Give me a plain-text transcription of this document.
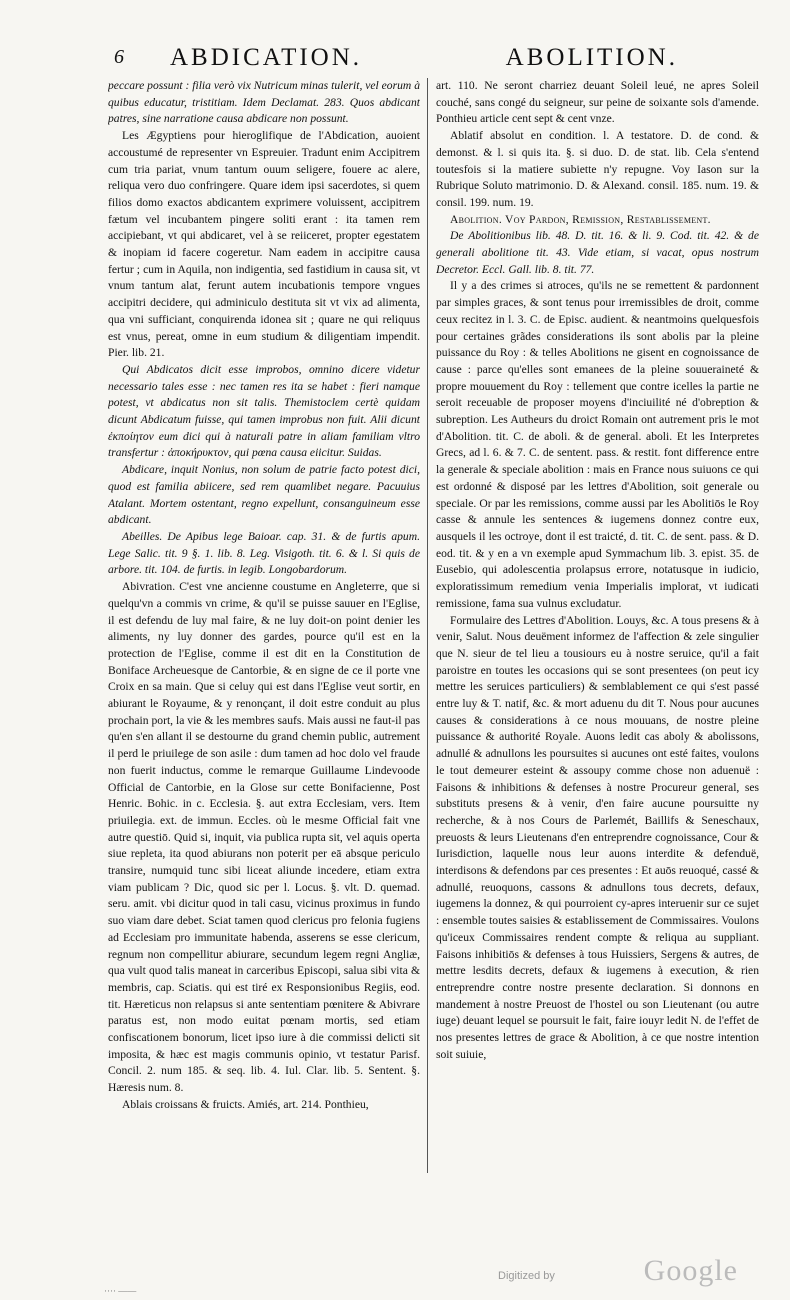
6 ABDICATION.	ABOLITION.

peccare possunt : filia verò vix Nutricum minas tulerit, vel eorum à quibus educatur, tristitiam. Idem Declamat. 283. Quos abdicant patres, sine narratione causa abdicare non possunt.

Les Ægyptiens pour hieroglifique de l'Abdication, auoient accoustumé de representer vn Espreuier. Tradunt enim Accipitrem cum tria pariat, vnum tantum ouum seligere, fouere ac alere, reliqua vero duo confringere. Quare idem ipsi sacerdotes, si quem filios domo exactos abdicantem exprimere voluissent, accipitrem fætum vel incubantem pingere soliti erant : ita tamen rem accipiebant, vt qui abdicaret, vel à se reiiceret, propter egestatem & inopiam id facere cogeretur. Nam eadem in accipitre causa fertur ; cum in Aquila, non indigentia, sed fastidium in causa sit, vt vnum tantum alat, ferunt autem incubationis tempore vngues accipitri decidere, qui adminiculo destituta sit vt vix ad alimenta, qua vni sufficiant, conquirenda idonea sit ; quare ne qui reliquus est vnus, pereat, omne in eum studium & diligentiam impendit. Pier. lib. 21.

Qui Abdicatos dicit esse improbos, omnino dicere videtur necessario tales esse : nec tamen res ita se habet : fieri namque potest, vt abdicatus non sit talis. Themistoclem certè quidam dicunt Abdicatum fuisse, qui tamen improbus non fuit. Alii dicunt ἐκποίητον eum dici qui à naturali patre in aliam familiam vltro transfertur : ἀποκήρυκτον, qui pœna causa eiicitur. Suidas.

Abdicare, inquit Nonius, non solum de patrie facto potest dici, quod est familia abiicere, sed rem quamlibet negare. Pacuuius Atalant. Mortem ostentant, regno expellunt, consanguineum esse abdicant.

Abeilles. De Apibus lege Baioar. cap. 31. & de furtis apum. Lege Salic. tit. 9 §. 1. lib. 8. Leg. Visigoth. tit. 6. & l. Si quis de arbore. tit. 104. de furtis. in legib. Longobardorum.

Abivration. C'est vne ancienne coustume en Angleterre, que si quelqu'vn a commis vn crime, & qu'il se puisse sauuer en l'Eglise, il est defendu de luy mal faire, & ne luy doit-on point denier les aliments, ny luy donner des gardes, pource qu'il est en la protection de l'Eglise, comme il est dit en la Constitution de Boniface Archeuesque de Cantorbie, & en signe de ce il porte vne Croix en sa main. Que si celuy qui est dans l'Eglise veut sortir, en abiurant le Royaume, & y renonçant, il doit estre conduit au plus prochain port, la vie & les membres saufs. Mais aussi ne faut-il pas qu'en s'en allant il se destourne du grand chemin public, autrement il perd le priuilege de son asile : dum tamen ad hoc dolo vel fraude non fuerit inductus, comme le remarque Guillaume Lindevoode Official de Cantorbie, en la Glose sur cette Bonifacienne, Post Henric. Bohic. in c. Ecclesia. §. aut extra Ecclesiam, vers. Item priuilegia. ext. de immun. Eccles. où le mesme Official fait vne autre questiō. Quid si, inquit, via publica rupta sit, vel aquis operta siue repleta, ita quod abiurans non poterit per eā absque periculo transire, numquid tunc sibi liceat aliunde incedere, etiam extra viam publicam ? Dic, quod sic per l. Locus. §. vlt. D. quemad. seru. amit. vbi dicitur quod in tali casu, vicinus proximus in fundo suo viam dare debet. Sciat tamen quod clericus pro felonia fugiens ad Ecclesiam pro immunitate habenda, asserens se esse clericum, regnum non compellitur abiurare, secundum legem regni Angliæ, qua vult quod talis maneat in carceribus Episcopi, salua sibi vita & membris, cap. Sciatis. qui est tiré ex Responsionibus Regiis, eod. tit. Hæreticus non relapsus si ante sententiam pœnitere & Abivrare paratus est, non modo euitat pœnam mortis, sed etiam confiscationem bonorum, licet ipso iure à die commissi delicti sit imposita, & hæc est magis communis opinio, vt testatur Parisf. Concil. 2. num 185. & seq. lib. 4. Iul. Clar. lib. 5. Sentent. §. Hæresis num. 8.

Ablais croissans & fruicts. Amiés, art. 214. Ponthieu,

art. 110. Ne seront charriez deuant Soleil leué, ne apres Soleil couché, sans congé du seigneur, sur peine de soixante sols d'amende. Ponthieu article cent sept & cent vnze.

Ablatif absolut en condition. l. A testatore. D. de cond. & demonst. & l. si quis ita. §. si duo. D. de stat. lib. Cela s'entend toutesfois si la matiere subiette n'y repugne. Voy Iason sur la Rubrique Soluto matrimonio. D. & Alexand. consil. 185. num. 19. & consil. 199. num. 19.

Abolition. Voy Pardon, Remission, Restablissement.

De Abolitionibus lib. 48. D. tit. 16. & li. 9. Cod. tit. 42. & de generali abolitione tit. 43. Vide etiam, si vacat, opus nostrum Decretor. Eccl. Gall. lib. 8. tit. 77.

Il y a des crimes si atroces, qu'ils ne se remettent & pardonnent par simples graces, & sont tenus pour irremissibles de droit, comme ceux recitez in l. 3. C. de Episc. audient. & neantmoins quelquesfois pour certaines grãdes considerations ils sont abolis par la pleine puissance du Roy : & telles Abolitions ne gisent en cognoissance de cause : parce qu'elles sont emanees de la pleine souueraineté & propre mouuement du Roy : tellement que contre icelles la partie ne seroit receuable de proposer moyens d'inciuilité né d'obreption & subreption. Les Autheurs du droict Romain ont autrement pris le mot d'Abolition. tit. C. de aboli. & de general. aboli. Et les Interpretes Grecs, ad l. 6. & 7. C. de sentent. pass. & restit. font difference entre la generale & speciale abolition : mais en France nous suiuons ce qui est ordonné & disposé par les lettres d'Abolition, soit generale ou speciale. Or par les remissions, comme aussi par les Abolitiōs le Roy casse & annule les sentences & iugemens donnez contre eux, ausquels il les octroye, dont il est traicté, d. tit. C. de sent. pass. & D. eod. tit. & y en a vn exemple apud Symmachum lib. 3. epist. 35. de Eusebio, qui adolescentia prolapsus errore, notatusque in iudicio, exploratissimum remedium venia Imperialis implorat, vt iudicati remissione, fama sua vulnus excludatur.

Formulaire des Lettres d'Abolition. Louys, &c. A tous presens & à venir, Salut. Nous deuëment informez de l'affection & zele singulier que N. sieur de tel lieu a tousiours eu à nostre seruice, qu'il a fait paroistre en toutes les occasions qui se sont presentees (on peut icy mettre les seruices particuliers) & semblablement ce qui s'est passé entre luy & T. natif, &c. & mort aduenu du dit T. Nous pour aucunes causes & considerations à ce nous mouuans, de nostre pleine puissance & authorité Royale. Auons ledit cas aboly & abolissons, adnullé & adnullons les poursuites si aucunes ont esté faites, voulons le tout demeurer esteint & assoupy comme chose non aduenuë : Faisons & inhibitions & defenses à nostre Procureur general, ses substituts presens & à venir, d'en faire aucune poursuitte ny recherche, & à nos Cours de Parlemét, Baillifs & Seneschaux, preuosts & leurs Lieutenans d'en entreprendre cognoissance, Cour & Iurisdiction, laquelle nous leur auons interdite & defenduë, interdisons & defendons par ces presentes : Et auōs reuoqué, cassé & adnullé, reuoquons, cassons & adnullons tous decrets, defaux, iugemens la donnez, & qui pourroient cy-apres interuenir sur ce sujet : ensemble toutes saisies & establissement de Commissaires. Voulons qu'iceux Commissaires rendent compte & reliqua au suppliant. Faisons inhibitiōs & defenses à tous Huissiers, Sergens & autres, de mettre lesdits decrets, defaux & iugemens à execution, & rien entreprendre contre nostre presente declaration. Si donnons en mandement à nostre Preuost de l'hostel ou son Lieutenant (ou autre iuge) deuant lequel se poursuit le fait, faire iouyr ledit N. de l'effet de nos presentes lettres de grace & Abolition, à ce que nostre intention soit suiuie,

···· ——
Digitized by	Google
